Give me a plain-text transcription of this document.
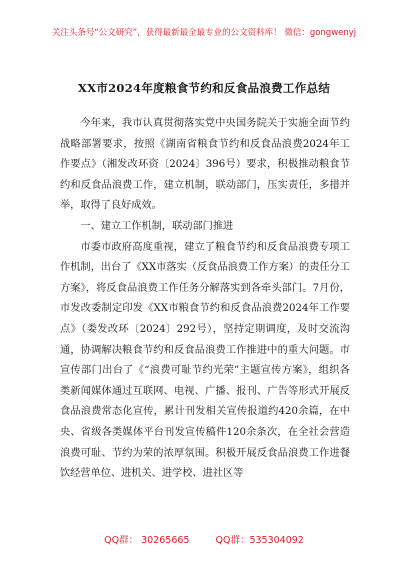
关注头条号“公文研究”，获得最新最全最专业的公文资料库！ 微信：gongwenyj
XX市2024年度粮食节约和反食品浪费工作总结

今年来，我市认真贯彻落实党中央国务院关于实施全面节约战略部署要求，按照《湖南省粮食节约和反食品浪费2024年工作要点》（湘发改环资〔2024〕396号）要求，积极推动粮食节约和反食品浪费工作，建立机制，联动部门，压实责任，多措并举，取得了良好成效。

一、建立工作机制，联动部门推进

市委市政府高度重视，建立了粮食节约和反食品浪费专项工作机制，出台了《XX市落实（反食品浪费工作方案）的责任分工方案》，将反食品浪费工作任务分解落实到各牵头部门。7月份，市发改委制定印发《XX市粮食节约和反食品浪费2024年工作要点》（娄发改环〔2024〕292号），坚持定期调度，及时交流沟通，协调解决粮食节约和反食品浪费工作推进中的重大问题。市宣传部门出台了《“浪费可耻节约光荣”主题宣传方案》，组织各类新闻媒体通过互联网、电视、广播、报刊、广告等形式开展反食品浪费常态化宣传，累计刊发相关宣传报道约420余篇，在中央、省级各类媒体平台刊发宣传稿件120余条次，在全社会营造浪费可耻、节约为荣的浓厚氛围。积极开展反食品浪费工作进餐饮经营单位、进机关、进学校、进社区等

QQ群： 30265665	QQ群：535304092
